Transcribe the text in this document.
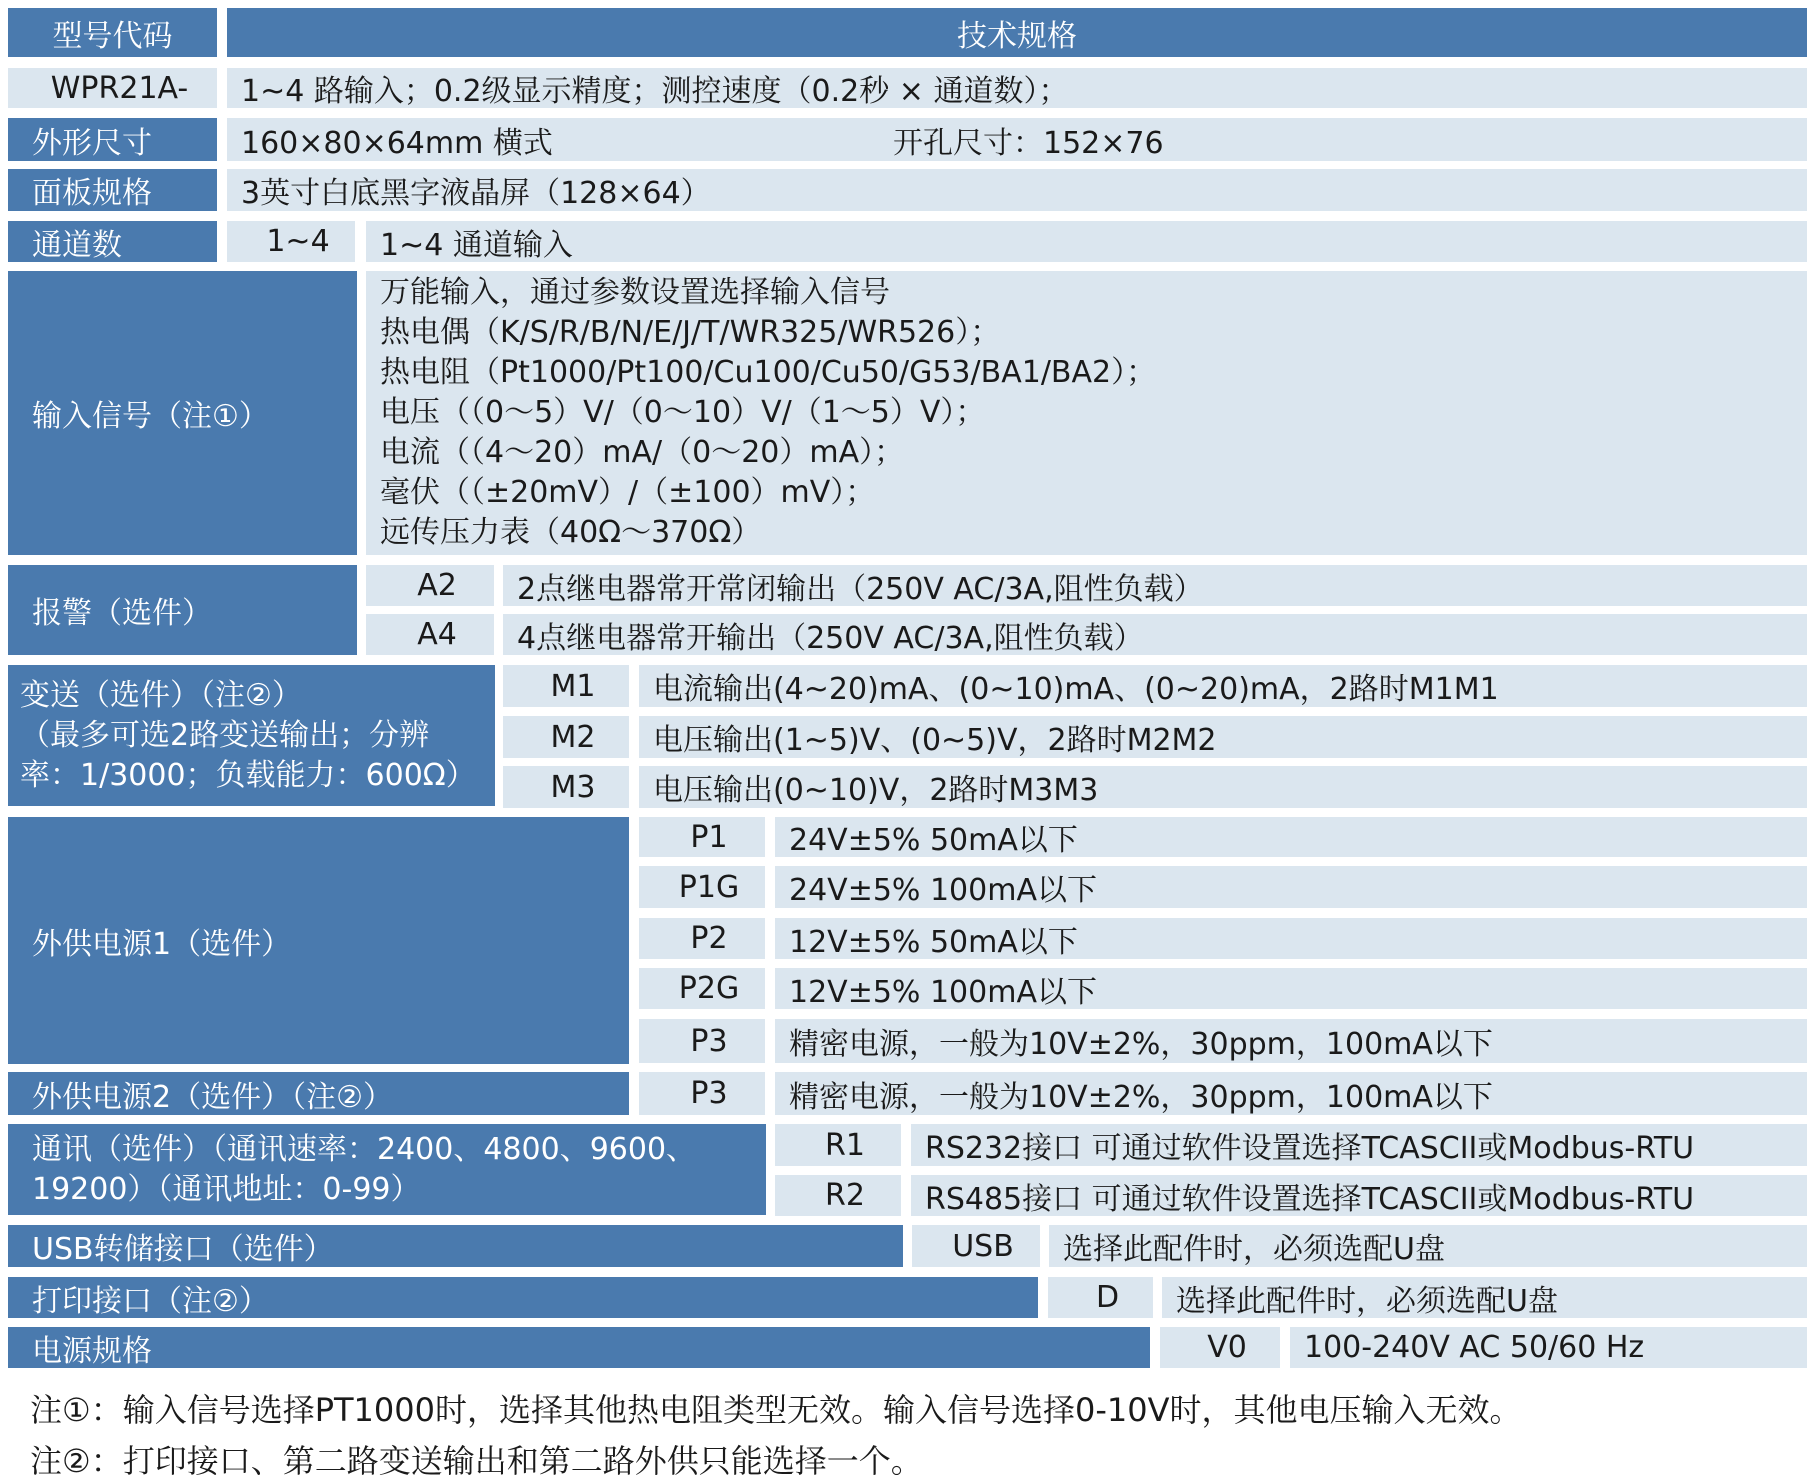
型号代码	技术规格
WPR21A-	1~4 路输入；0.2级显示精度；测控速度（0.2秒 × 通道数）；
外形尺寸	160×80×64mm 横式	开孔尺寸：152×76
面板规格	3英寸白底黑字液晶屏（128×64）
通道数	1~4	1~4 通道输入
输入信号（注①）
万能输入，通过参数设置选择输入信号
热电偶（K/S/R/B/N/E/J/T/WR325/WR526）；
热电阻（Pt1000/Pt100/Cu100/Cu50/G53/BA1/BA2）；
电压（（0～5）V/（0～10）V/（1～5）V）；
电流（（4～20）mA/（0～20）mA）；
毫伏（（±20mV）/（±100）mV）；
远传压力表（40Ω～370Ω）
报警（选件）
A2	2点继电器常开常闭输出（250V AC/3A,阻性负载）
A4	4点继电器常开输出（250V AC/3A,阻性负载）
变送（选件）（注②）
（最多可选2路变送输出；分辨
率：1/3000；负载能力：600Ω）
M1	电流输出(4~20)mA、(0~10)mA、(0~20)mA，2路时M1M1
M2	电压输出(1~5)V、(0~5)V，2路时M2M2
M3	电压输出(0~10)V，2路时M3M3
外供电源1（选件）
P1	24V±5% 50mA以下
P1G	24V±5% 100mA以下
P2	12V±5% 50mA以下
P2G	12V±5% 100mA以下
P3	精密电源，一般为10V±2%，30ppm，100mA以下
外供电源2（选件）（注②）	P3	精密电源，一般为10V±2%，30ppm，100mA以下
通讯（选件）（通讯速率：2400、4800、9600、
19200）（通讯地址：0-99）
R1	RS232接口 可通过软件设置选择TCASCII或Modbus-RTU
R2	RS485接口 可通过软件设置选择TCASCII或Modbus-RTU
USB转储接口（选件）	USB	选择此配件时，必须选配U盘
打印接口（注②）	D	选择此配件时，必须选配U盘
电源规格	V0	100-240V AC 50/60 Hz
注①：输入信号选择PT1000时，选择其他热电阻类型无效。输入信号选择0-10V时，其他电压输入无效。
注②：打印接口、第二路变送输出和第二路外供只能选择一个。
